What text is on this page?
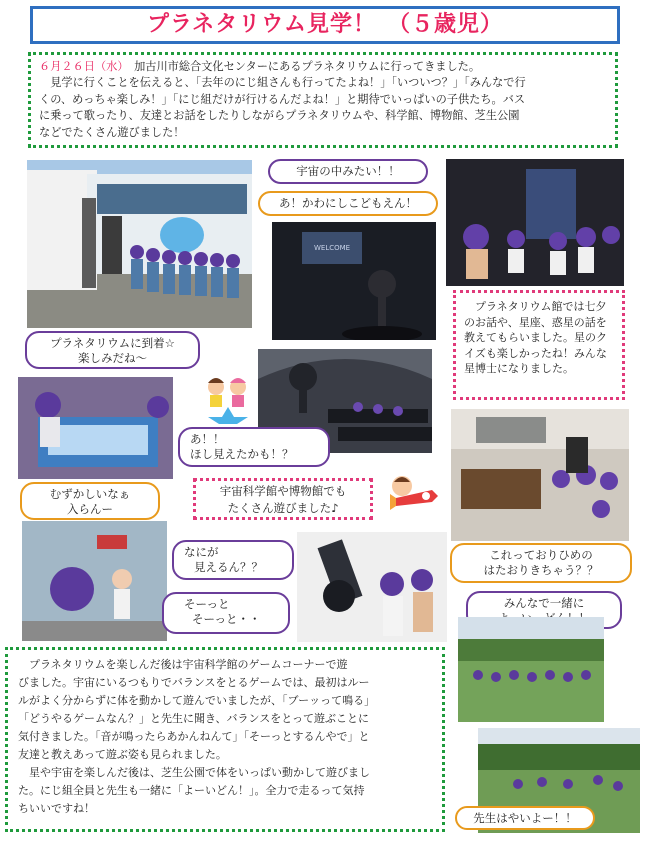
プラネタリウム見学！　（５歳児）
６月２６日（水）　加古川市総合文化センターにあるプラネタリウムに行ってきました。
　見学に行くことを伝えると、「去年のにじ組さんも行ってたよね！」「いついつ？」「みんなで行
くの、めっちゃ楽しみ！」「にじ組だけが行けるんだよね！」と期待でいっぱいの子供たち。バス
に乗って歌ったり、友達とお話をしたりしながらプラネタリウムや、科学館、博物館、芝生公園
などでたくさん遊びました！
プラネタリウムに到着☆
楽しみだね～
宇宙の中みたい！！
あ！かわにしこどもえん！
WELCOME
　プラネタリウム館では七夕のお話や、星座、惑星の話を教えてもらいました。星のクイズも楽しかったね！みんな星博士になりました。
あ！！
ほし見えたかも！？
むずかしいなぁ
入らんー
宇宙科学館や博物館でも
たくさん遊びました♪
なにが
見えるん？？
そーっと
そーっと・・
これっておりひめの
はたおりきちゃう？？
みんなで一緒に
先生はやいよー！！
　プラネタリウムを楽しんだ後は宇宙科学館のゲームコーナーで遊
びました。宇宙にいるつもりでバランスをとるゲームでは、最初はルー
ルがよく分からずに体を動かして遊んでいましたが、「ブーッって鳴る」
「どうやるゲームなん？」と先生に聞き、バランスをとって遊ぶことに
気付きました。「音が鳴ったらあかんねんて」「そーっとするんやで」と
友達と教えあって遊ぶ姿も見られました。
　星や宇宙を楽しんだ後は、芝生公園で体をいっぱい動かして遊びまし
た。にじ組全員と先生も一緒に「よーいどん！」。全力で走るって気持
ちいいですね！
